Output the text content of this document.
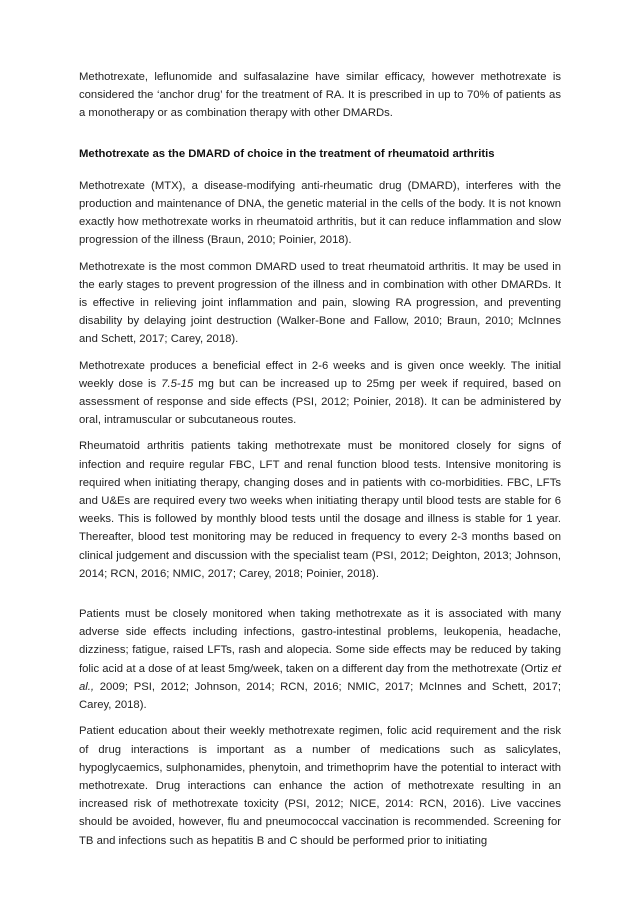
Methotrexate, leflunomide and sulfasalazine have similar efficacy, however methotrexate is considered the ‘anchor drug’ for the treatment of RA. It is prescribed in up to 70% of patients as a monotherapy or as combination therapy with other DMARDs.

Methotrexate as the DMARD of choice in the treatment of rheumatoid arthritis

Methotrexate (MTX), a disease-modifying anti-rheumatic drug (DMARD), interferes with the production and maintenance of DNA, the genetic material in the cells of the body. It is not known exactly how methotrexate works in rheumatoid arthritis, but it can reduce inflammation and slow progression of the illness (Braun, 2010; Poinier, 2018).

Methotrexate is the most common DMARD used to treat rheumatoid arthritis. It may be used in the early stages to prevent progression of the illness and in combination with other DMARDs. It is effective in relieving joint inflammation and pain, slowing RA progression, and preventing disability by delaying joint destruction (Walker-Bone and Fallow, 2010; Braun, 2010; McInnes and Schett, 2017; Carey, 2018).

Methotrexate produces a beneficial effect in 2-6 weeks and is given once weekly. The initial weekly dose is 7.5-15 mg but can be increased up to 25mg per week if required, based on assessment of response and side effects (PSI, 2012; Poinier, 2018). It can be administered by oral, intramuscular or subcutaneous routes.

Rheumatoid arthritis patients taking methotrexate must be monitored closely for signs of infection and require regular FBC, LFT and renal function blood tests. Intensive monitoring is required when initiating therapy, changing doses and in patients with co-morbidities. FBC, LFTs and U&Es are required every two weeks when initiating therapy until blood tests are stable for 6 weeks. This is followed by monthly blood tests until the dosage and illness is stable for 1 year. Thereafter, blood test monitoring may be reduced in frequency to every 2-3 months based on clinical judgement and discussion with the specialist team (PSI, 2012; Deighton, 2013; Johnson, 2014; RCN, 2016; NMIC, 2017; Carey, 2018; Poinier, 2018).

Patients must be closely monitored when taking methotrexate as it is associated with many adverse side effects including infections, gastro-intestinal problems, leukopenia, headache, dizziness; fatigue, raised LFTs, rash and alopecia. Some side effects may be reduced by taking folic acid at a dose of at least 5mg/week, taken on a different day from the methotrexate (Ortiz et al., 2009; PSI, 2012; Johnson, 2014; RCN, 2016; NMIC, 2017; McInnes and Schett, 2017; Carey, 2018).

Patient education about their weekly methotrexate regimen, folic acid requirement and the risk of drug interactions is important as a number of medications such as salicylates, hypoglycaemics, sulphonamides, phenytoin, and trimethoprim have the potential to interact with methotrexate. Drug interactions can enhance the action of methotrexate resulting in an increased risk of methotrexate toxicity (PSI, 2012; NICE, 2014: RCN, 2016). Live vaccines should be avoided, however, flu and pneumococcal vaccination is recommended. Screening for TB and infections such as hepatitis B and C should be performed prior to initiating
